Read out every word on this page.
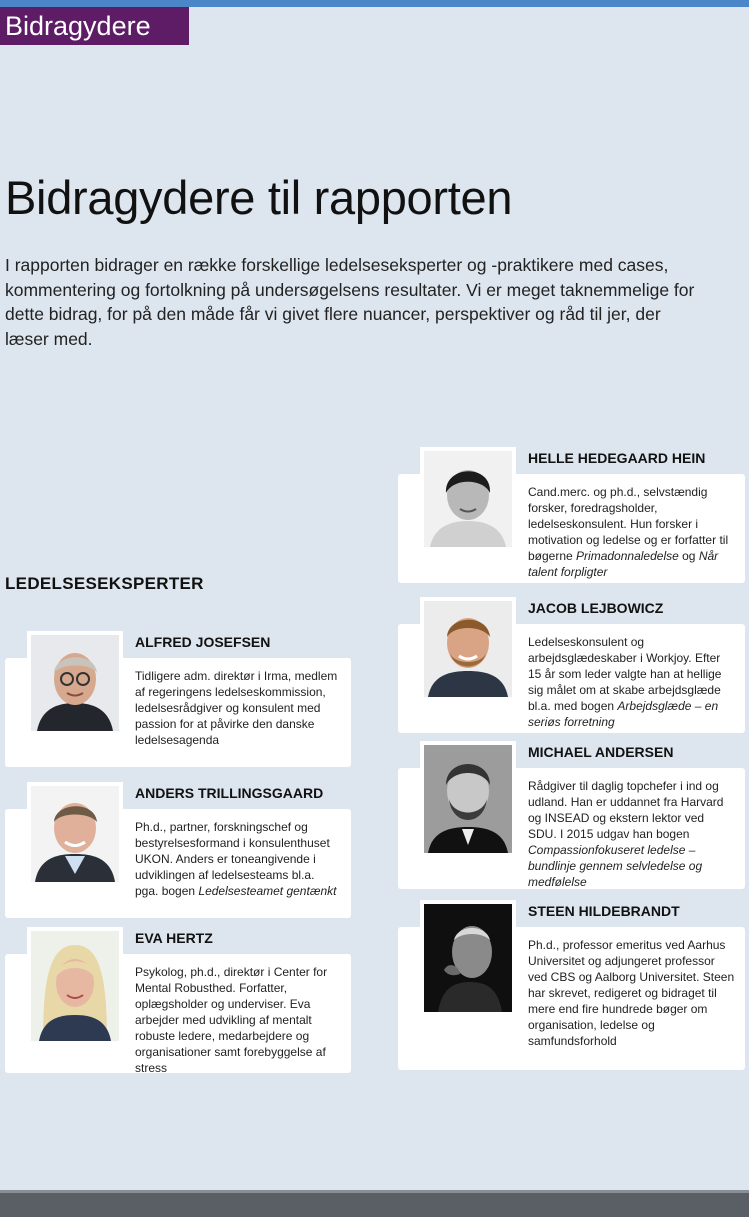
Bidragydere
Bidragydere til rapporten

I rapporten bidrager en række forskellige ledelseseksperter og -praktikere med cases, kommentering og fortolkning på undersøgelsens resultater. Vi er meget taknemmelige for dette bidrag, for på den måde får vi givet flere nuancer, perspektiver og råd til jer, der læser med.

LEDELSESEKSPERTER

ALFRED JOSEFSEN

Tidligere adm. direktør i Irma, medlem af regeringens ledelseskommission, ledelsesrådgiver og konsulent med passion for at påvirke den danske ledelsesagenda

ANDERS TRILLINGSGAARD

Ph.d., partner, forskningschef og bestyrelsesformand i konsulenthuset UKON. Anders er toneangivende i udviklingen af ledelsesteams bl.a. pga. bogen Ledelsesteamet gentænkt

EVA HERTZ

Psykolog, ph.d., direktør i Center for Mental Robusthed. Forfatter, oplægsholder og underviser. Eva arbejder med udvikling af mentalt robuste ledere, medarbejdere og organisationer samt forebyggelse af stress

HELLE HEDEGAARD HEIN

Cand.merc. og ph.d., selvstændig forsker, foredragsholder, ledelseskonsulent. Hun forsker i motivation og ledelse og er forfatter til bøgerne Primadonnaledelse og Når talent forpligter

JACOB LEJBOWICZ

Ledelseskonsulent og arbejdsglædeskaber i Workjoy. Efter 15 år som leder valgte han at hellige sig målet om at skabe arbejdsglæde bl.a. med bogen Arbejdsglæde – en seriøs forretning

MICHAEL ANDERSEN

Rådgiver til daglig topchefer i ind og udland. Han er uddannet fra Harvard og INSEAD og ekstern lektor ved SDU. I 2015 udgav han bogen Compassionfokuseret ledelse – bundlinje gennem selvledelse og medfølelse

STEEN HILDEBRANDT

Ph.d., professor emeritus ved Aarhus Universitet og adjungeret professor ved CBS og Aalborg Universitet. Steen har skrevet, redigeret og bidraget til mere end fire hundrede bøger om organisation, ledelse og samfundsforhold
